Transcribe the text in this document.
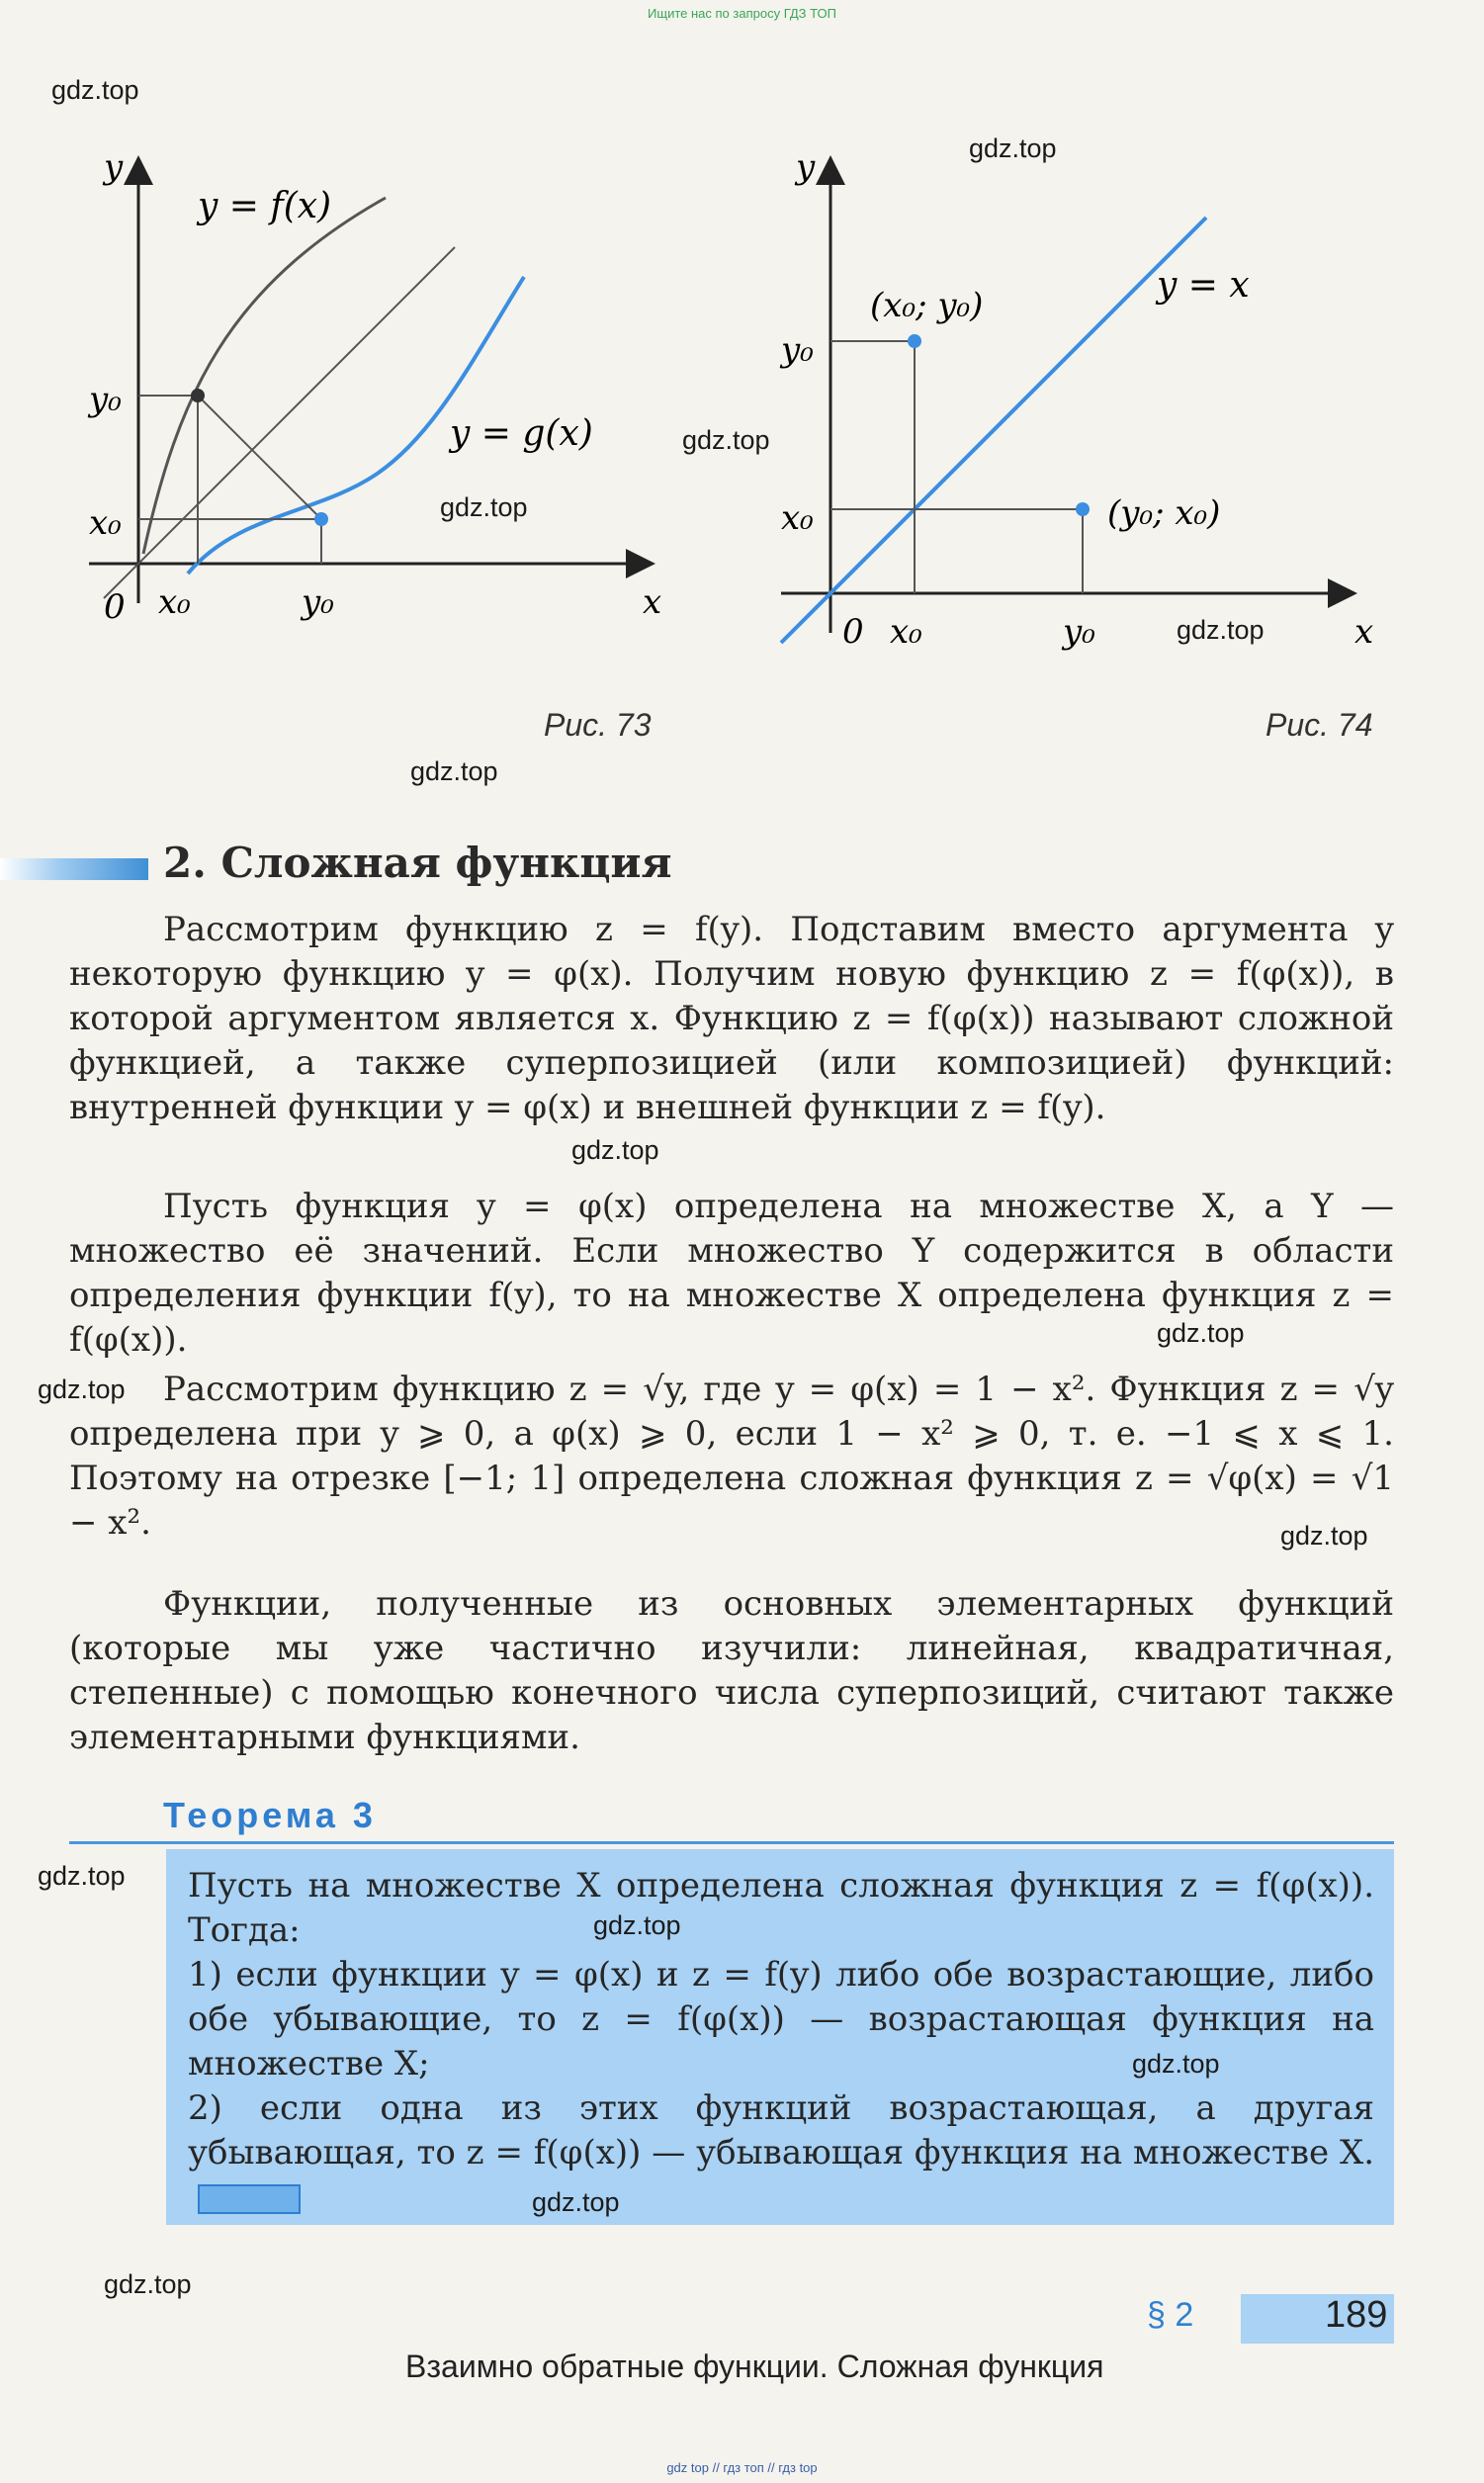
Ищите нас по запросу ГДЗ ТОП
y
x
0
y = f(x)
y = g(x)
y₀
x₀
x₀	y₀
Рис. 73
y
x
0
y = x
(x₀; y₀)
(y₀; x₀)
y₀
x₀
x₀	y₀
Рис. 74
2. Сложная функция
Рассмотрим функцию z = f(y). Подставим вместо аргумента y некоторую функцию y = φ(x). Получим новую функцию z = f(φ(x)), в которой аргументом является x. Функцию z = f(φ(x)) называют сложной функцией, а также суперпозицией (или композицией) функций: внутренней функции y = φ(x) и внешней функции z = f(y).
Пусть функция y = φ(x) определена на множестве X, а Y — множество её значений. Если множество Y содержится в области определения функции f(y), то на множестве X определена функция z = f(φ(x)).
Рассмотрим функцию z = √y, где y = φ(x) = 1 − x². Функция z = √y определена при y ⩾ 0, а φ(x) ⩾ 0, если 1 − x² ⩾ 0, т. е. −1 ⩽ x ⩽ 1. Поэтому на отрезке [−1; 1] определена сложная функция z = √φ(x) = √1 − x².
Функции, полученные из основных элементарных функций (которые мы уже частично изучили: линейная, квадратичная, степенные) с помощью конечного числа суперпозиций, считают также элементарными функциями.
Теорема 3
Пусть на множестве X определена сложная функция z = f(φ(x)). Тогда:
1) если функции y = φ(x) и z = f(y) либо обе возрастающие, либо обе убывающие, то z = f(φ(x)) — возрастающая функция на множестве X;
2) если одна из этих функций возрастающая, а другая убывающая, то z = f(φ(x)) — убывающая функция на множестве X.
gdz.top
gdz.top
gdz.top
gdz.top
gdz.top
gdz.top
gdz.top
gdz.top
gdz.top
gdz.top
gdz.top
gdz.top
gdz.top
gdz.top
gdz.top
§ 2	189
Взаимно обратные функции. Сложная функция
gdz top // гдз топ // гдз top
